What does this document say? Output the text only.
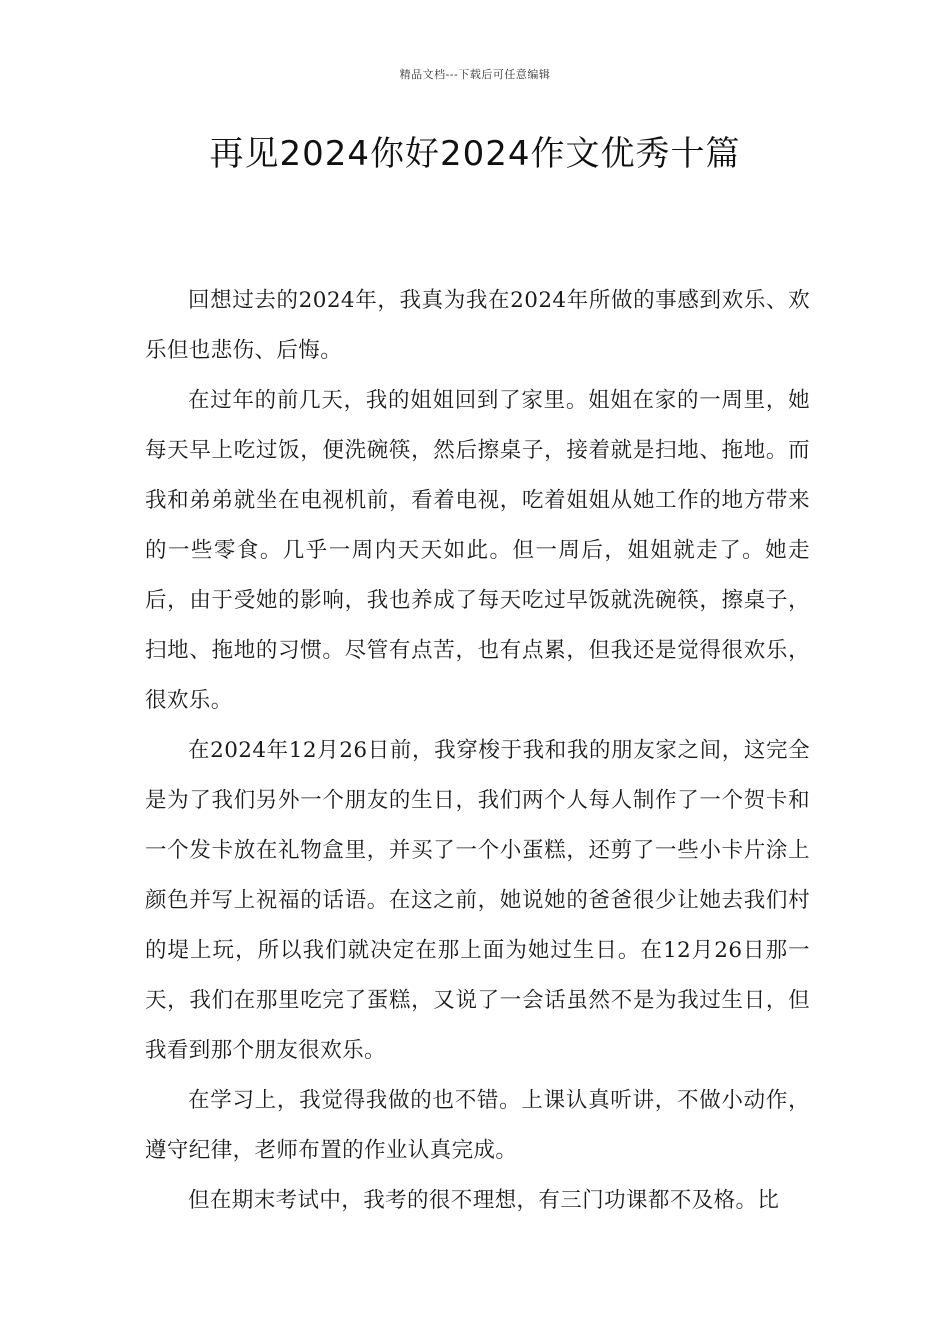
精品文档---下载后可任意编辑
再见2024你好2024作文优秀十篇

回想过去的2024年，我真为我在2024年所做的事感到欢乐、欢乐但也悲伤、后悔。

在过年的前几天，我的姐姐回到了家里。姐姐在家的一周里，她每天早上吃过饭，便洗碗筷，然后擦桌子，接着就是扫地、拖地。而我和弟弟就坐在电视机前，看着电视，吃着姐姐从她工作的地方带来的一些零食。几乎一周内天天如此。但一周后，姐姐就走了。她走后，由于受她的影响，我也养成了每天吃过早饭就洗碗筷，擦桌子，扫地、拖地的习惯。尽管有点苦，也有点累，但我还是觉得很欢乐，很欢乐。

在2024年12月26日前，我穿梭于我和我的朋友家之间，这完全是为了我们另外一个朋友的生日，我们两个人每人制作了一个贺卡和一个发卡放在礼物盒里，并买了一个小蛋糕，还剪了一些小卡片涂上颜色并写上祝福的话语。在这之前，她说她的爸爸很少让她去我们村的堤上玩，所以我们就决定在那上面为她过生日。在12月26日那一天，我们在那里吃完了蛋糕，又说了一会话虽然不是为我过生日，但我看到那个朋友很欢乐。

在学习上，我觉得我做的也不错。上课认真听讲，不做小动作，遵守纪律，老师布置的作业认真完成。

但在期末考试中，我考的很不理想，有三门功课都不及格。比
